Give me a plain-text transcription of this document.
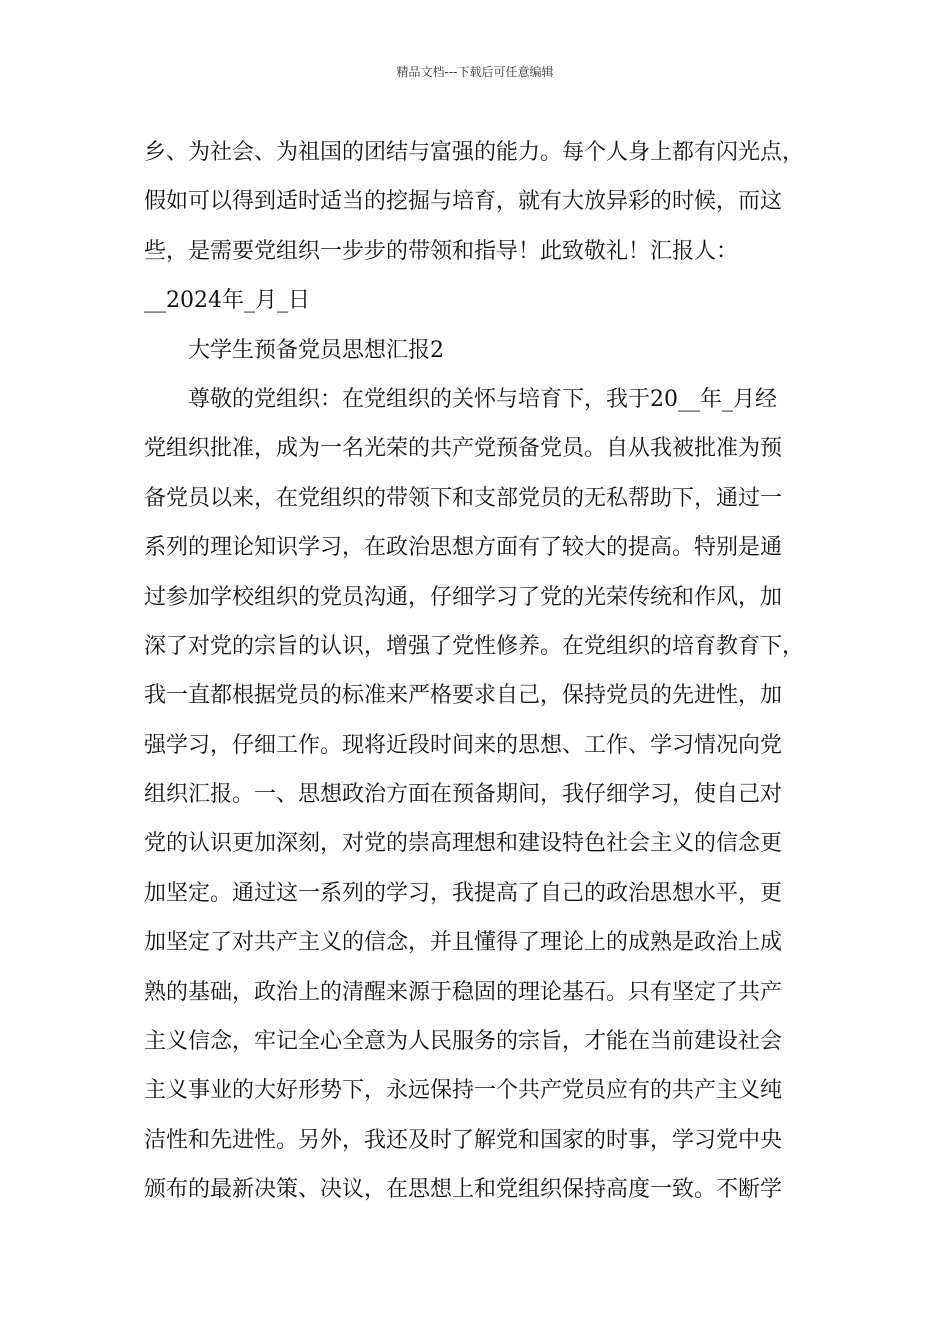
精品文档---下载后可任意编辑
乡、为社会、为祖国的团结与富强的能力。每个人身上都有闪光点，
假如可以得到适时适当的挖掘与培育，就有大放异彩的时候，而这
些，是需要党组织一步步的带领和指导！此致敬礼！汇报人：
__2024年_月_日
大学生预备党员思想汇报2
尊敬的党组织：在党组织的关怀与培育下，我于20__年_月经
党组织批准，成为一名光荣的共产党预备党员。自从我被批准为预
备党员以来，在党组织的带领下和支部党员的无私帮助下，通过一
系列的理论知识学习，在政治思想方面有了较大的提高。特别是通
过参加学校组织的党员沟通，仔细学习了党的光荣传统和作风，加
深了对党的宗旨的认识，增强了党性修养。在党组织的培育教育下，
我一直都根据党员的标准来严格要求自己，保持党员的先进性，加
强学习，仔细工作。现将近段时间来的思想、工作、学习情况向党
组织汇报。一、思想政治方面在预备期间，我仔细学习，使自己对
党的认识更加深刻，对党的崇高理想和建设特色社会主义的信念更
加坚定。通过这一系列的学习，我提高了自己的政治思想水平，更
加坚定了对共产主义的信念，并且懂得了理论上的成熟是政治上成
熟的基础，政治上的清醒来源于稳固的理论基石。只有坚定了共产
主义信念，牢记全心全意为人民服务的宗旨，才能在当前建设社会
主义事业的大好形势下，永远保持一个共产党员应有的共产主义纯
洁性和先进性。另外，我还及时了解党和国家的时事，学习党中央
颁布的最新决策、决议，在思想上和党组织保持高度一致。不断学
